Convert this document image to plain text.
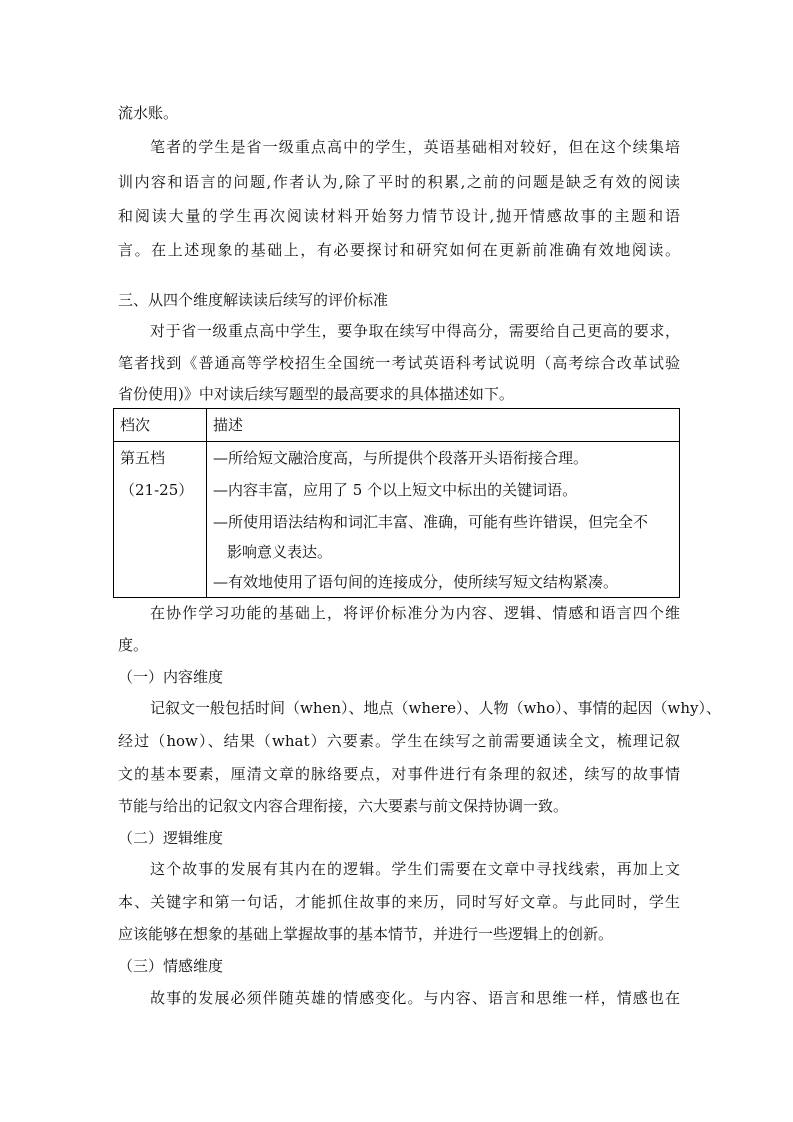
流水账。
笔者的学生是省一级重点高中的学生，英语基础相对较好，但在这个续集培
训内容和语言的问题,作者认为,除了平时的积累,之前的问题是缺乏有效的阅读
和阅读大量的学生再次阅读材料开始努力情节设计,抛开情感故事的主题和语
言。在上述现象的基础上，有必要探讨和研究如何在更新前准确有效地阅读。
三、从四个维度解读读后续写的评价标准
对于省一级重点高中学生，要争取在续写中得高分，需要给自己更高的要求，
笔者找到《普通高等学校招生全国统一考试英语科考试说明（高考综合改革试验
省份使用)》中对读后续写题型的最高要求的具体描述如下。
档次	描述
第五档
（21-25）
—所给短文融洽度高，与所提供个段落开头语衔接合理。
—内容丰富，应用了 5 个以上短文中标出的关键词语。
—所使用语法结构和词汇丰富、准确，可能有些许错误，但完全不
影响意义表达。
—有效地使用了语句间的连接成分，使所续写短文结构紧凑。
在协作学习功能的基础上，将评价标准分为内容、逻辑、情感和语言四个维
度。
（一）内容维度
记叙文一般包括时间（when）、地点（where）、人物（who）、事情的起因（why）、
经过（how）、结果（what）六要素。学生在续写之前需要通读全文，梳理记叙
文的基本要素，厘清文章的脉络要点，对事件进行有条理的叙述，续写的故事情
节能与给出的记叙文内容合理衔接，六大要素与前文保持协调一致。
（二）逻辑维度
这个故事的发展有其内在的逻辑。学生们需要在文章中寻找线索，再加上文
本、关键字和第一句话，才能抓住故事的来历，同时写好文章。与此同时，学生
应该能够在想象的基础上掌握故事的基本情节，并进行一些逻辑上的创新。
（三）情感维度
故事的发展必须伴随英雄的情感变化。与内容、语言和思维一样，情感也在
